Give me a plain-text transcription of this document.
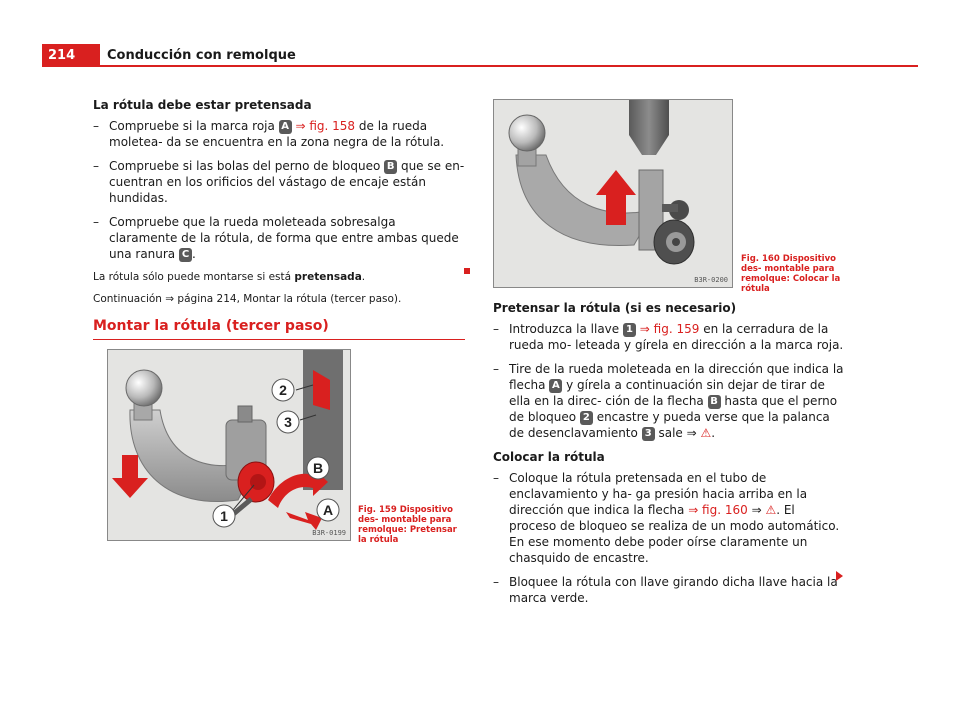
214	Conducción con remolque
La rótula debe estar pretensada
– Compruebe si la marca roja A ⇒ fig. 158 de la rueda moletea- da se encuentra en la zona negra de la rótula.
– Compruebe si las bolas del perno de bloqueo B que se en- cuentran en los orificios del vástago de encaje están hundidas.
– Compruebe que la rueda moleteada sobresalga claramente de la rótula, de forma que entre ambas quede una ranura C .
La rótula sólo puede montarse si está pretensada.
Continuación ⇒ página 214, Montar la rótula (tercer paso).
Montar la rótula (tercer paso)
2
3
B
A
1
B3R-0199
Fig. 159 Dispositivo des- montable para remolque: Pretensar la rótula
B3R-0200
Fig. 160 Dispositivo des- montable para remolque: Colocar la rótula
Pretensar la rótula (si es necesario)
– Introduzca la llave 1 ⇒ fig. 159 en la cerradura de la rueda mo- leteada y gírela en dirección a la marca roja.
– Tire de la rueda moleteada en la dirección que indica la flecha A y gírela a continuación sin dejar de tirar de ella en la direc- ción de la flecha B hasta que el perno de bloqueo 2 encastre y pueda verse que la palanca de desenclavamiento 3 sale ⇒ ⚠.
Colocar la rótula
– Coloque la rótula pretensada en el tubo de enclavamiento y ha- ga presión hacia arriba en la dirección que indica la flecha ⇒ fig. 160 ⇒ ⚠. El proceso de bloqueo se realiza de un modo automático. En ese momento debe poder oírse claramente un chasquido de encastre.
– Bloquee la rótula con llave girando dicha llave hacia la marca verde.
